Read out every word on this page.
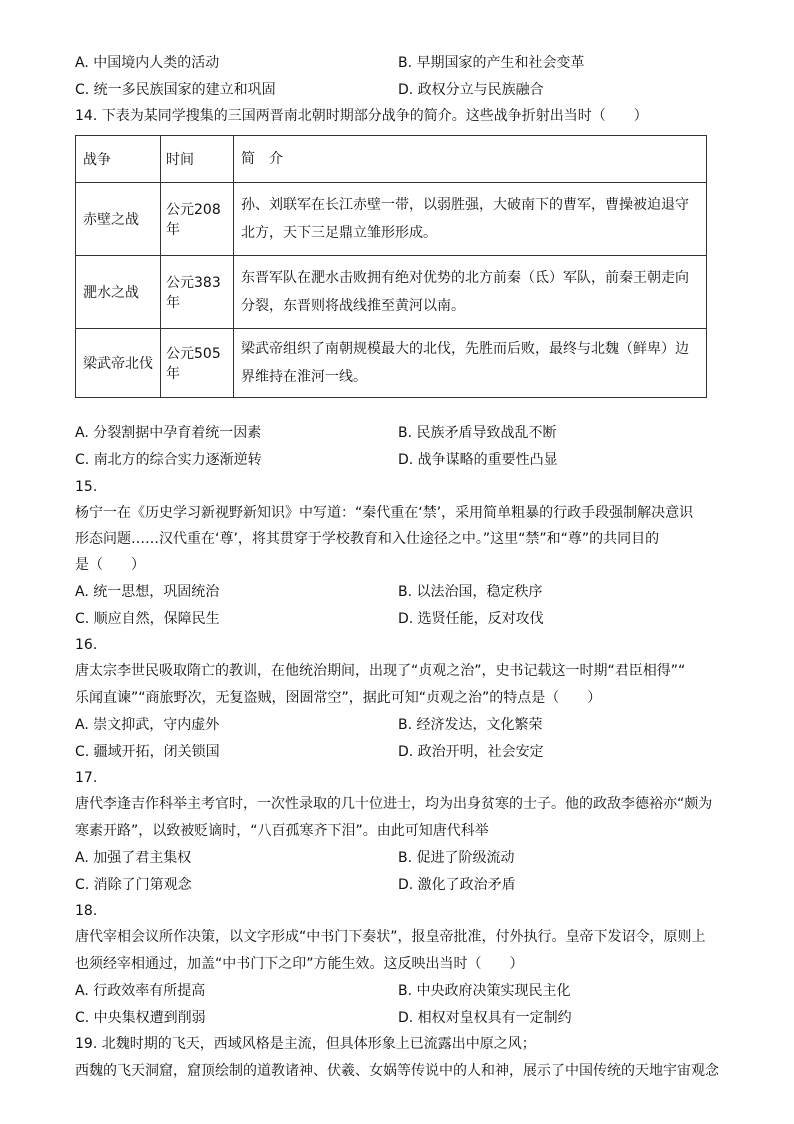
A. 中国境内人类的活动	B. 早期国家的产生和社会变革
C. 统一多民族国家的建立和巩固	D. 政权分立与民族融合
14. 下表为某同学搜集的三国两晋南北朝时期部分战争的简介。这些战争折射出当时（　　）
战争	时间	简　介
赤壁之战	公元208年	孙、刘联军在长江赤壁一带，以弱胜强，大破南下的曹军，曹操被迫退守北方，天下三足鼎立雏形形成。
淝水之战	公元383年	东晋军队在淝水击败拥有绝对优势的北方前秦（氐）军队，前秦王朝走向分裂，东晋则将战线推至黄河以南。
梁武帝北伐	公元505年	梁武帝组织了南朝规模最大的北伐，先胜而后败，最终与北魏（鲜卑）边界维持在淮河一线。
A. 分裂割据中孕育着统一因素	B. 民族矛盾导致战乱不断
C. 南北方的综合实力逐渐逆转	D. 战争谋略的重要性凸显
15.
杨宁一在《历史学习新视野新知识》中写道：“秦代重在‘禁’，采用简单粗暴的行政手段强制解决意识
形态问题……汉代重在‘尊’，将其贯穿于学校教育和入仕途径之中。”这里“禁”和“尊”的共同目的
是（　　）
A. 统一思想，巩固统治	B. 以法治国，稳定秩序
C. 顺应自然，保障民生	D. 选贤任能，反对攻伐
16.
唐太宗李世民吸取隋亡的教训，在他统治期间，出现了“贞观之治”，史书记载这一时期“君臣相得”“
乐闻直谏”“商旅野次，无复盗贼，囹圄常空”，据此可知“贞观之治”的特点是（　　）
A. 崇文抑武，守内虚外	B. 经济发达，文化繁荣
C. 疆域开拓，闭关锁国	D. 政治开明，社会安定
17.
唐代李逢吉作科举主考官时，一次性录取的几十位进士，均为出身贫寒的士子。他的政敌李德裕亦“颇为
寒素开路”，以致被贬谪时，“八百孤寒齐下泪”。由此可知唐代科举
A. 加强了君主集权	B. 促进了阶级流动
C. 消除了门第观念	D. 激化了政治矛盾
18.
唐代宰相会议所作决策，以文字形成“中书门下奏状”，报皇帝批准，付外执行。皇帝下发诏令，原则上
也须经宰相通过，加盖“中书门下之印”方能生效。这反映出当时（　　）
A. 行政效率有所提高	B. 中央政府决策实现民主化
C. 中央集权遭到削弱	D. 相权对皇权具有一定制约
19. 北魏时期的飞天，西域风格是主流，但具体形象上已流露出中原之风；
西魏的飞天洞窟，窟顶绘制的道教诸神、伏羲、女娲等传说中的人和神，展示了中国传统的天地宇宙观念
